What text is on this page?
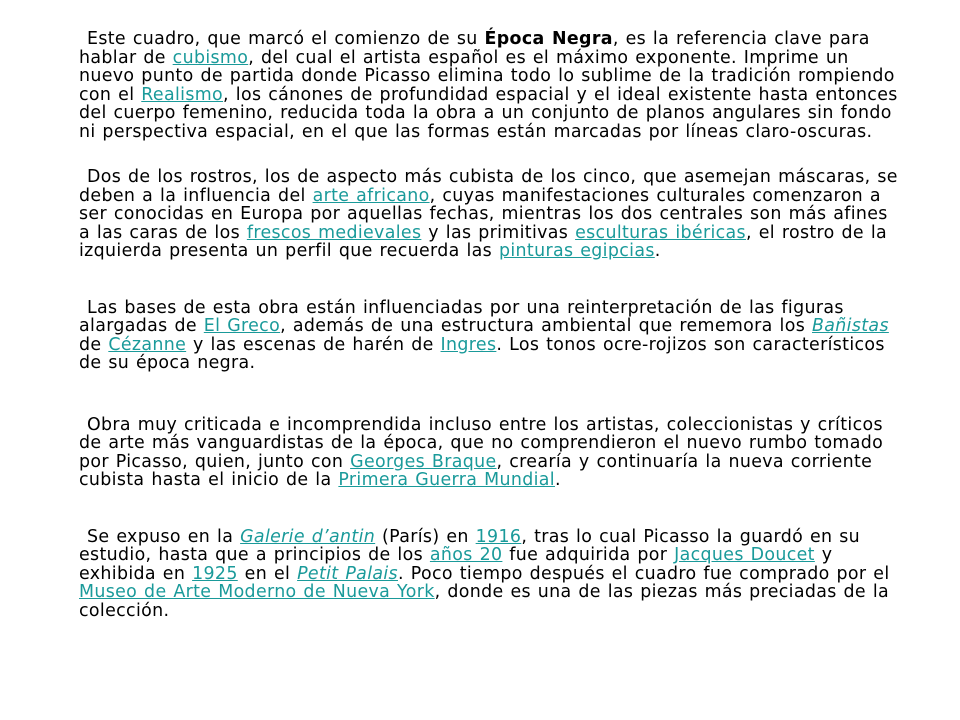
Este cuadro, que marcó el comienzo de su Época Negra, es la referencia clave para hablar de cubismo, del cual el artista español es el máximo exponente. Imprime un nuevo punto de partida donde Picasso elimina todo lo sublime de la tradición rompiendo con el Realismo, los cánones de profundidad espacial y el ideal existente hasta entonces del cuerpo femenino, reducida toda la obra a un conjunto de planos angulares sin fondo ni perspectiva espacial, en el que las formas están marcadas por líneas claro-oscuras.

Dos de los rostros, los de aspecto más cubista de los cinco, que asemejan máscaras, se deben a la influencia del arte africano, cuyas manifestaciones culturales comenzaron a ser conocidas en Europa por aquellas fechas, mientras los dos centrales son más afines a las caras de los frescos medievales y las primitivas esculturas ibéricas, el rostro de la izquierda presenta un perfil que recuerda las pinturas egipcias.

Las bases de esta obra están influenciadas por una reinterpretación de las figuras alargadas de El Greco, además de una estructura ambiental que rememora los Bañistas de Cézanne y las escenas de harén de Ingres. Los tonos ocre-rojizos son característicos de su época negra.

Obra muy criticada e incomprendida incluso entre los artistas, coleccionistas y críticos de arte más vanguardistas de la época, que no comprendieron el nuevo rumbo tomado por Picasso, quien, junto con Georges Braque, crearía y continuaría la nueva corriente cubista hasta el inicio de la Primera Guerra Mundial.

Se expuso en la Galerie d’antin (París) en 1916, tras lo cual Picasso la guardó en su estudio, hasta que a principios de los años 20 fue adquirida por Jacques Doucet y exhibida en 1925 en el Petit Palais. Poco tiempo después el cuadro fue comprado por el Museo de Arte Moderno de Nueva York, donde es una de las piezas más preciadas de la colección.
